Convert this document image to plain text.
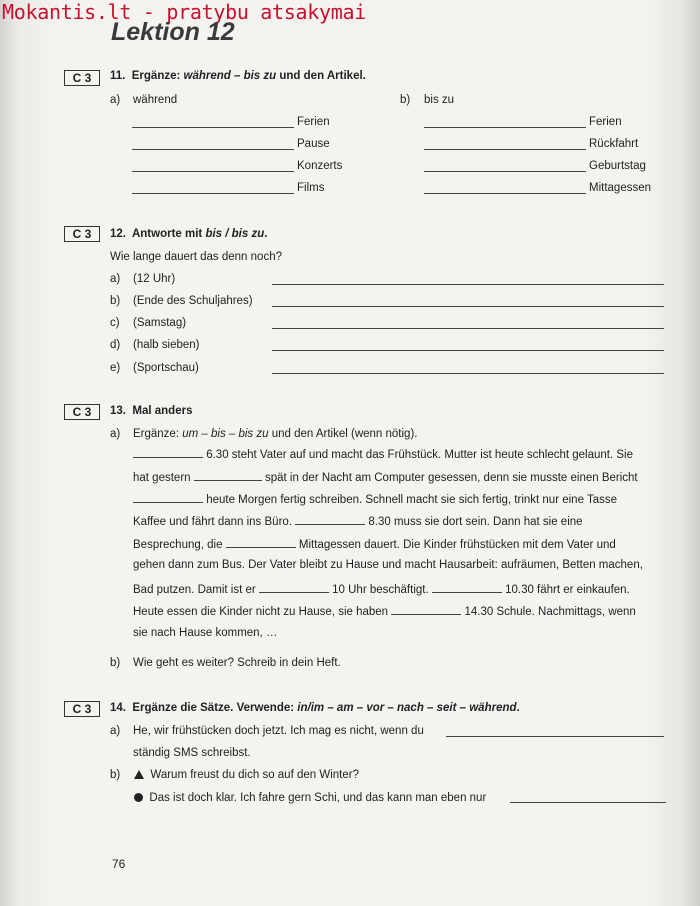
Mokantis.lt - pratybu atsakymai
Lektion 12
C 3	11. Ergänze: während – bis zu und den Artikel.
a) während	b) bis zu
Ferien
Pause
Konzerts
Films
Ferien
Rückfahrt
Geburtstag
Mittagessen
C 3	12. Antworte mit bis / bis zu.
Wie lange dauert das denn noch?
a) (12 Uhr)
b) (Ende des Schuljahres)
c) (Samstag)
d) (halb sieben)
e) (Sportschau)
C 3	13. Mal anders
a) Ergänze: um – bis – bis zu und den Artikel (wenn nötig).
6.30 steht Vater auf und macht das Frühstück. Mutter ist heute schlecht gelaunt. Sie
hat gestern	spät in der Nacht am Computer gesessen, denn sie musste einen Bericht
heute Morgen fertig schreiben. Schnell macht sie sich fertig, trinkt nur eine Tasse
Kaffee und fährt dann ins Büro.	8.30 muss sie dort sein. Dann hat sie eine
Besprechung, die	Mittagessen dauert. Die Kinder frühstücken mit dem Vater und
gehen dann zum Bus. Der Vater bleibt zu Hause und macht Hausarbeit: aufräumen, Betten machen,
Bad putzen. Damit ist er	10 Uhr beschäftigt.	10.30 fährt er einkaufen.
Heute essen die Kinder nicht zu Hause, sie haben	14.30 Schule. Nachmittags, wenn
sie nach Hause kommen, …
b) Wie geht es weiter? Schreib in dein Heft.
C 3	14. Ergänze die Sätze. Verwende: in/im – am – vor – nach – seit – während.
a) He, wir frühstücken doch jetzt. Ich mag es nicht, wenn du
ständig SMS schreibst.
b)	Warum freust du dich so auf den Winter?
Das ist doch klar. Ich fahre gern Schi, und das kann man eben nur
76
